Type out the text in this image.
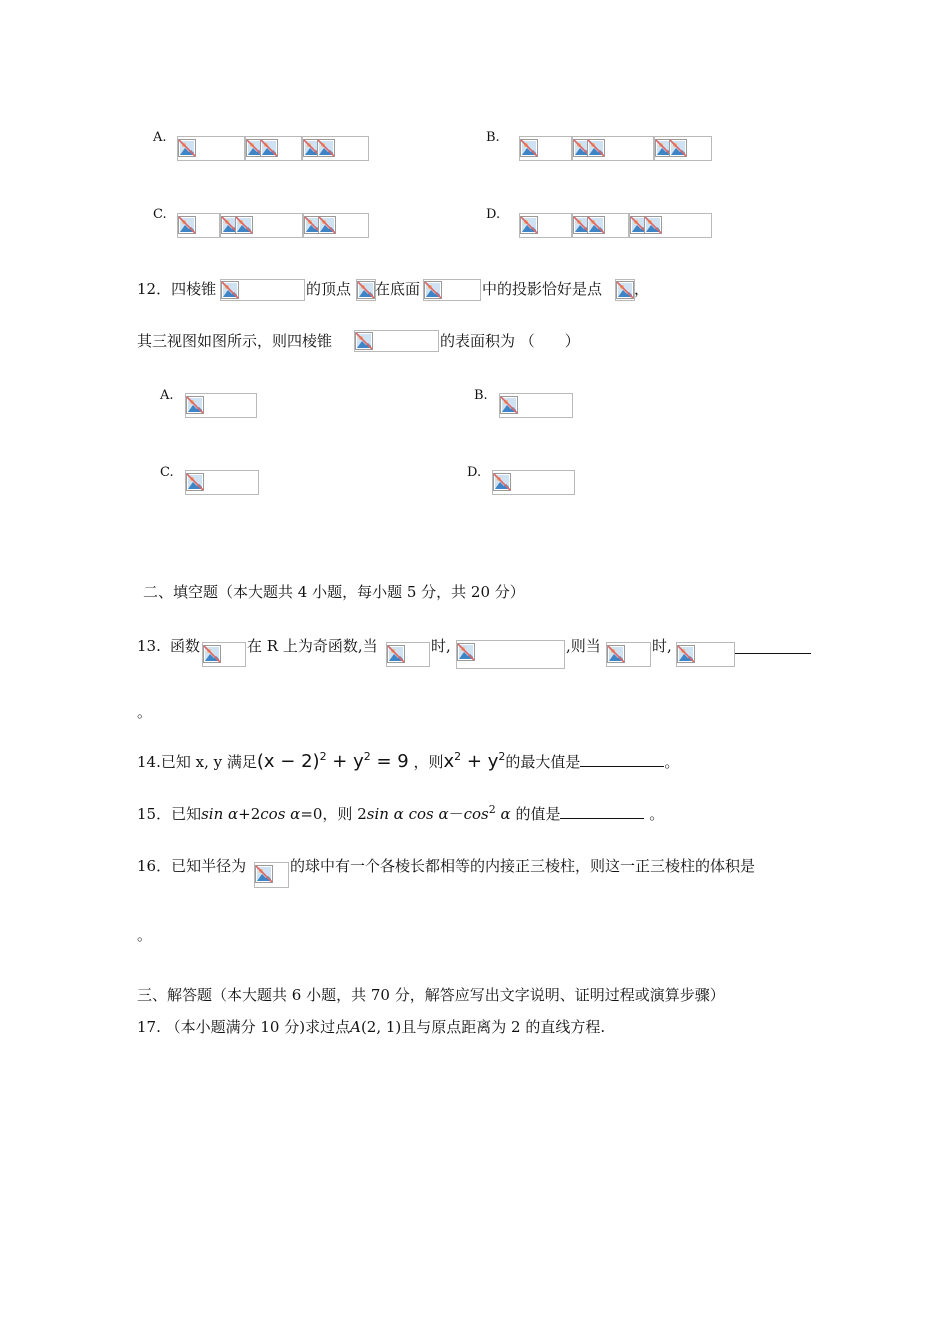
A.	B.
C.	D.
12．四棱锥	的顶点 在底面	中的投影恰好是点 ，
其三视图如图所示，则四棱锥	的表面积为 （　　）
A.	B.
C.	D.
二、填空题（本大题共 4 小题，每小题 5 分，共 20 分）
13. 函数	在 R 上为奇函数,当	时,	,则当	时,
。
14.已知 x, y 满足$(x - 2)^2 + y^2 = 9$ ，则$x^2 + y^2$的最大值是	。
15．已知sin α+2cos α=0，则 2sin α $\cos \alpha-\cos^2$ α 的值是	。
16．已知半径为	的球中有一个各棱长都相等的内接正三棱柱，则这一正三棱柱的体积是
。
三、解答题（本大题共 6 小题，共 70 分，解答应写出文字说明、证明过程或演算步骤）
17. （本小题满分 10 分)求过点A(2, 1)且与原点距离为 2 的直线方程.
